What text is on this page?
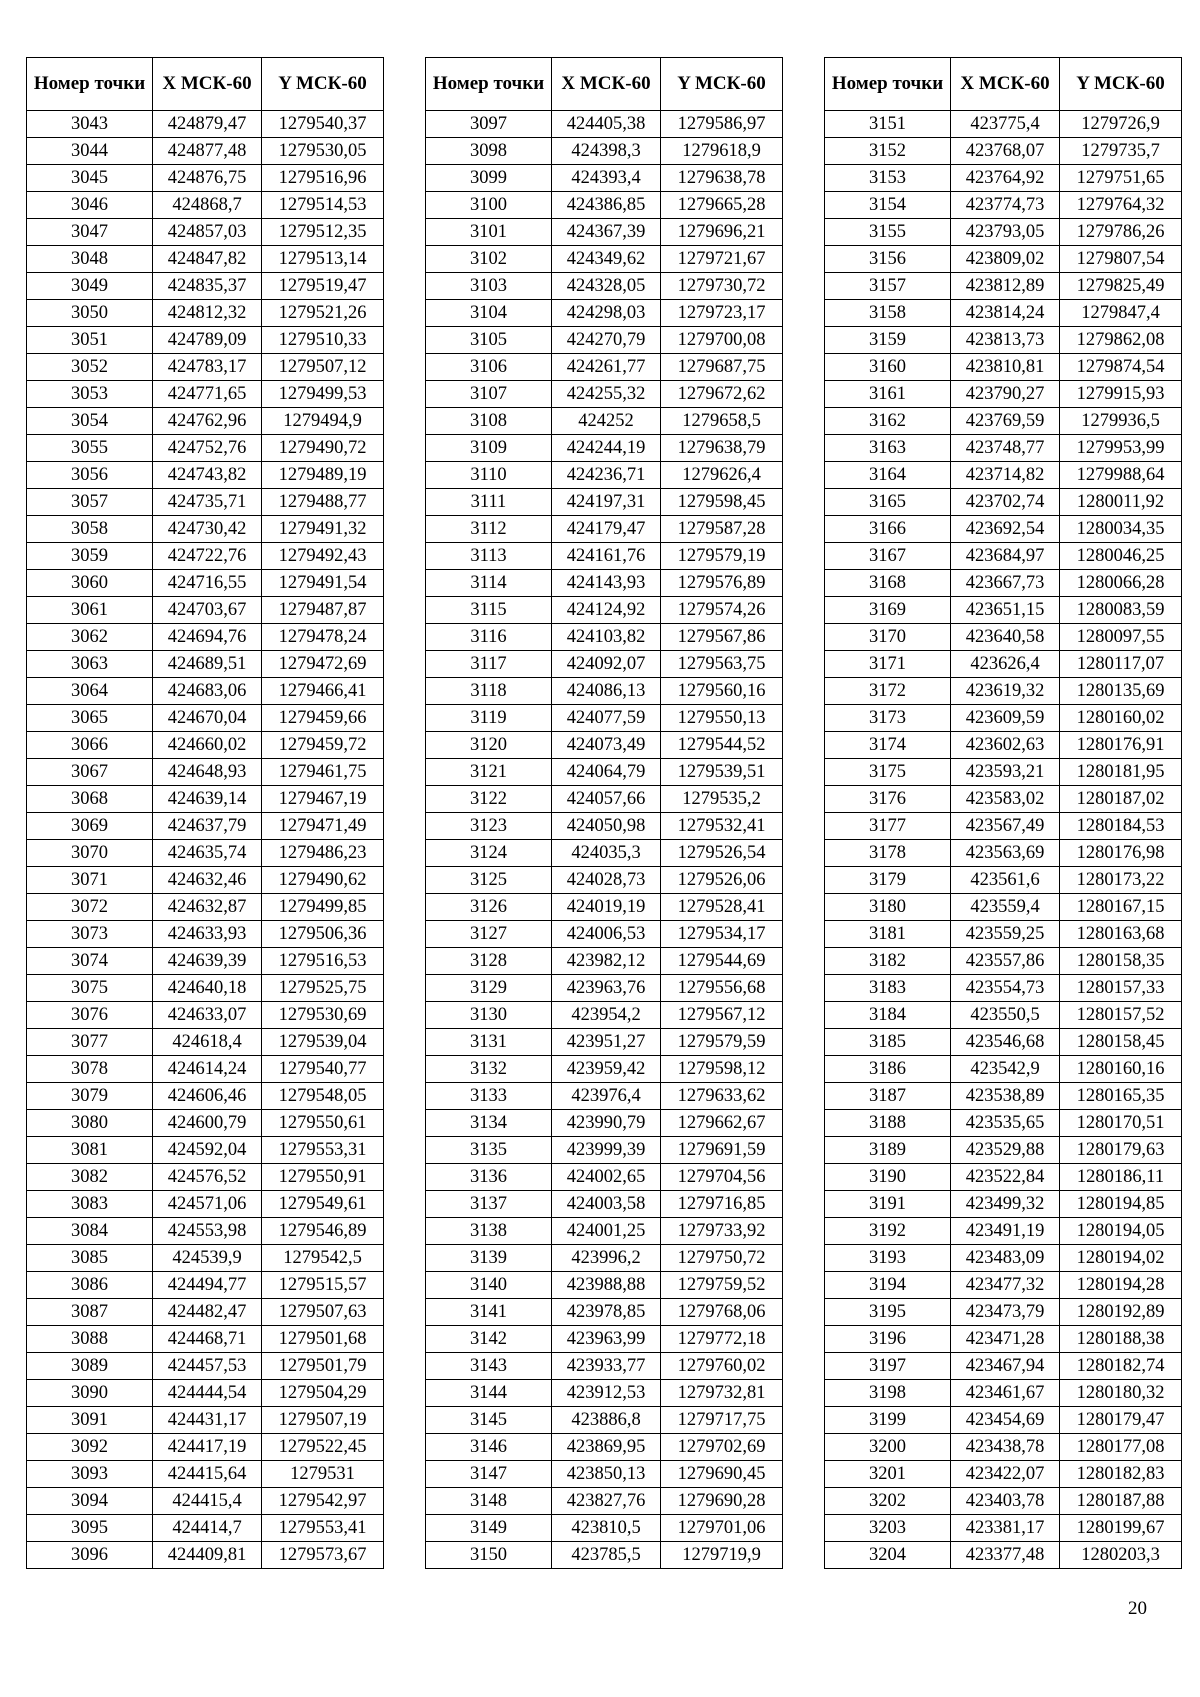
Номер точки	X МСК-60	Y МСК-60
3043	424879,47	1279540,37
3044	424877,48	1279530,05
3045	424876,75	1279516,96
3046	424868,7	1279514,53
3047	424857,03	1279512,35
3048	424847,82	1279513,14
3049	424835,37	1279519,47
3050	424812,32	1279521,26
3051	424789,09	1279510,33
3052	424783,17	1279507,12
3053	424771,65	1279499,53
3054	424762,96	1279494,9
3055	424752,76	1279490,72
3056	424743,82	1279489,19
3057	424735,71	1279488,77
3058	424730,42	1279491,32
3059	424722,76	1279492,43
3060	424716,55	1279491,54
3061	424703,67	1279487,87
3062	424694,76	1279478,24
3063	424689,51	1279472,69
3064	424683,06	1279466,41
3065	424670,04	1279459,66
3066	424660,02	1279459,72
3067	424648,93	1279461,75
3068	424639,14	1279467,19
3069	424637,79	1279471,49
3070	424635,74	1279486,23
3071	424632,46	1279490,62
3072	424632,87	1279499,85
3073	424633,93	1279506,36
3074	424639,39	1279516,53
3075	424640,18	1279525,75
3076	424633,07	1279530,69
3077	424618,4	1279539,04
3078	424614,24	1279540,77
3079	424606,46	1279548,05
3080	424600,79	1279550,61
3081	424592,04	1279553,31
3082	424576,52	1279550,91
3083	424571,06	1279549,61
3084	424553,98	1279546,89
3085	424539,9	1279542,5
3086	424494,77	1279515,57
3087	424482,47	1279507,63
3088	424468,71	1279501,68
3089	424457,53	1279501,79
3090	424444,54	1279504,29
3091	424431,17	1279507,19
3092	424417,19	1279522,45
3093	424415,64	1279531
3094	424415,4	1279542,97
3095	424414,7	1279553,41
3096	424409,81	1279573,67
Номер точки	X МСК-60	Y МСК-60
3097	424405,38	1279586,97
3098	424398,3	1279618,9
3099	424393,4	1279638,78
3100	424386,85	1279665,28
3101	424367,39	1279696,21
3102	424349,62	1279721,67
3103	424328,05	1279730,72
3104	424298,03	1279723,17
3105	424270,79	1279700,08
3106	424261,77	1279687,75
3107	424255,32	1279672,62
3108	424252	1279658,5
3109	424244,19	1279638,79
3110	424236,71	1279626,4
3111	424197,31	1279598,45
3112	424179,47	1279587,28
3113	424161,76	1279579,19
3114	424143,93	1279576,89
3115	424124,92	1279574,26
3116	424103,82	1279567,86
3117	424092,07	1279563,75
3118	424086,13	1279560,16
3119	424077,59	1279550,13
3120	424073,49	1279544,52
3121	424064,79	1279539,51
3122	424057,66	1279535,2
3123	424050,98	1279532,41
3124	424035,3	1279526,54
3125	424028,73	1279526,06
3126	424019,19	1279528,41
3127	424006,53	1279534,17
3128	423982,12	1279544,69
3129	423963,76	1279556,68
3130	423954,2	1279567,12
3131	423951,27	1279579,59
3132	423959,42	1279598,12
3133	423976,4	1279633,62
3134	423990,79	1279662,67
3135	423999,39	1279691,59
3136	424002,65	1279704,56
3137	424003,58	1279716,85
3138	424001,25	1279733,92
3139	423996,2	1279750,72
3140	423988,88	1279759,52
3141	423978,85	1279768,06
3142	423963,99	1279772,18
3143	423933,77	1279760,02
3144	423912,53	1279732,81
3145	423886,8	1279717,75
3146	423869,95	1279702,69
3147	423850,13	1279690,45
3148	423827,76	1279690,28
3149	423810,5	1279701,06
3150	423785,5	1279719,9
Номер точки	X МСК-60	Y МСК-60
3151	423775,4	1279726,9
3152	423768,07	1279735,7
3153	423764,92	1279751,65
3154	423774,73	1279764,32
3155	423793,05	1279786,26
3156	423809,02	1279807,54
3157	423812,89	1279825,49
3158	423814,24	1279847,4
3159	423813,73	1279862,08
3160	423810,81	1279874,54
3161	423790,27	1279915,93
3162	423769,59	1279936,5
3163	423748,77	1279953,99
3164	423714,82	1279988,64
3165	423702,74	1280011,92
3166	423692,54	1280034,35
3167	423684,97	1280046,25
3168	423667,73	1280066,28
3169	423651,15	1280083,59
3170	423640,58	1280097,55
3171	423626,4	1280117,07
3172	423619,32	1280135,69
3173	423609,59	1280160,02
3174	423602,63	1280176,91
3175	423593,21	1280181,95
3176	423583,02	1280187,02
3177	423567,49	1280184,53
3178	423563,69	1280176,98
3179	423561,6	1280173,22
3180	423559,4	1280167,15
3181	423559,25	1280163,68
3182	423557,86	1280158,35
3183	423554,73	1280157,33
3184	423550,5	1280157,52
3185	423546,68	1280158,45
3186	423542,9	1280160,16
3187	423538,89	1280165,35
3188	423535,65	1280170,51
3189	423529,88	1280179,63
3190	423522,84	1280186,11
3191	423499,32	1280194,85
3192	423491,19	1280194,05
3193	423483,09	1280194,02
3194	423477,32	1280194,28
3195	423473,79	1280192,89
3196	423471,28	1280188,38
3197	423467,94	1280182,74
3198	423461,67	1280180,32
3199	423454,69	1280179,47
3200	423438,78	1280177,08
3201	423422,07	1280182,83
3202	423403,78	1280187,88
3203	423381,17	1280199,67
3204	423377,48	1280203,3
20
